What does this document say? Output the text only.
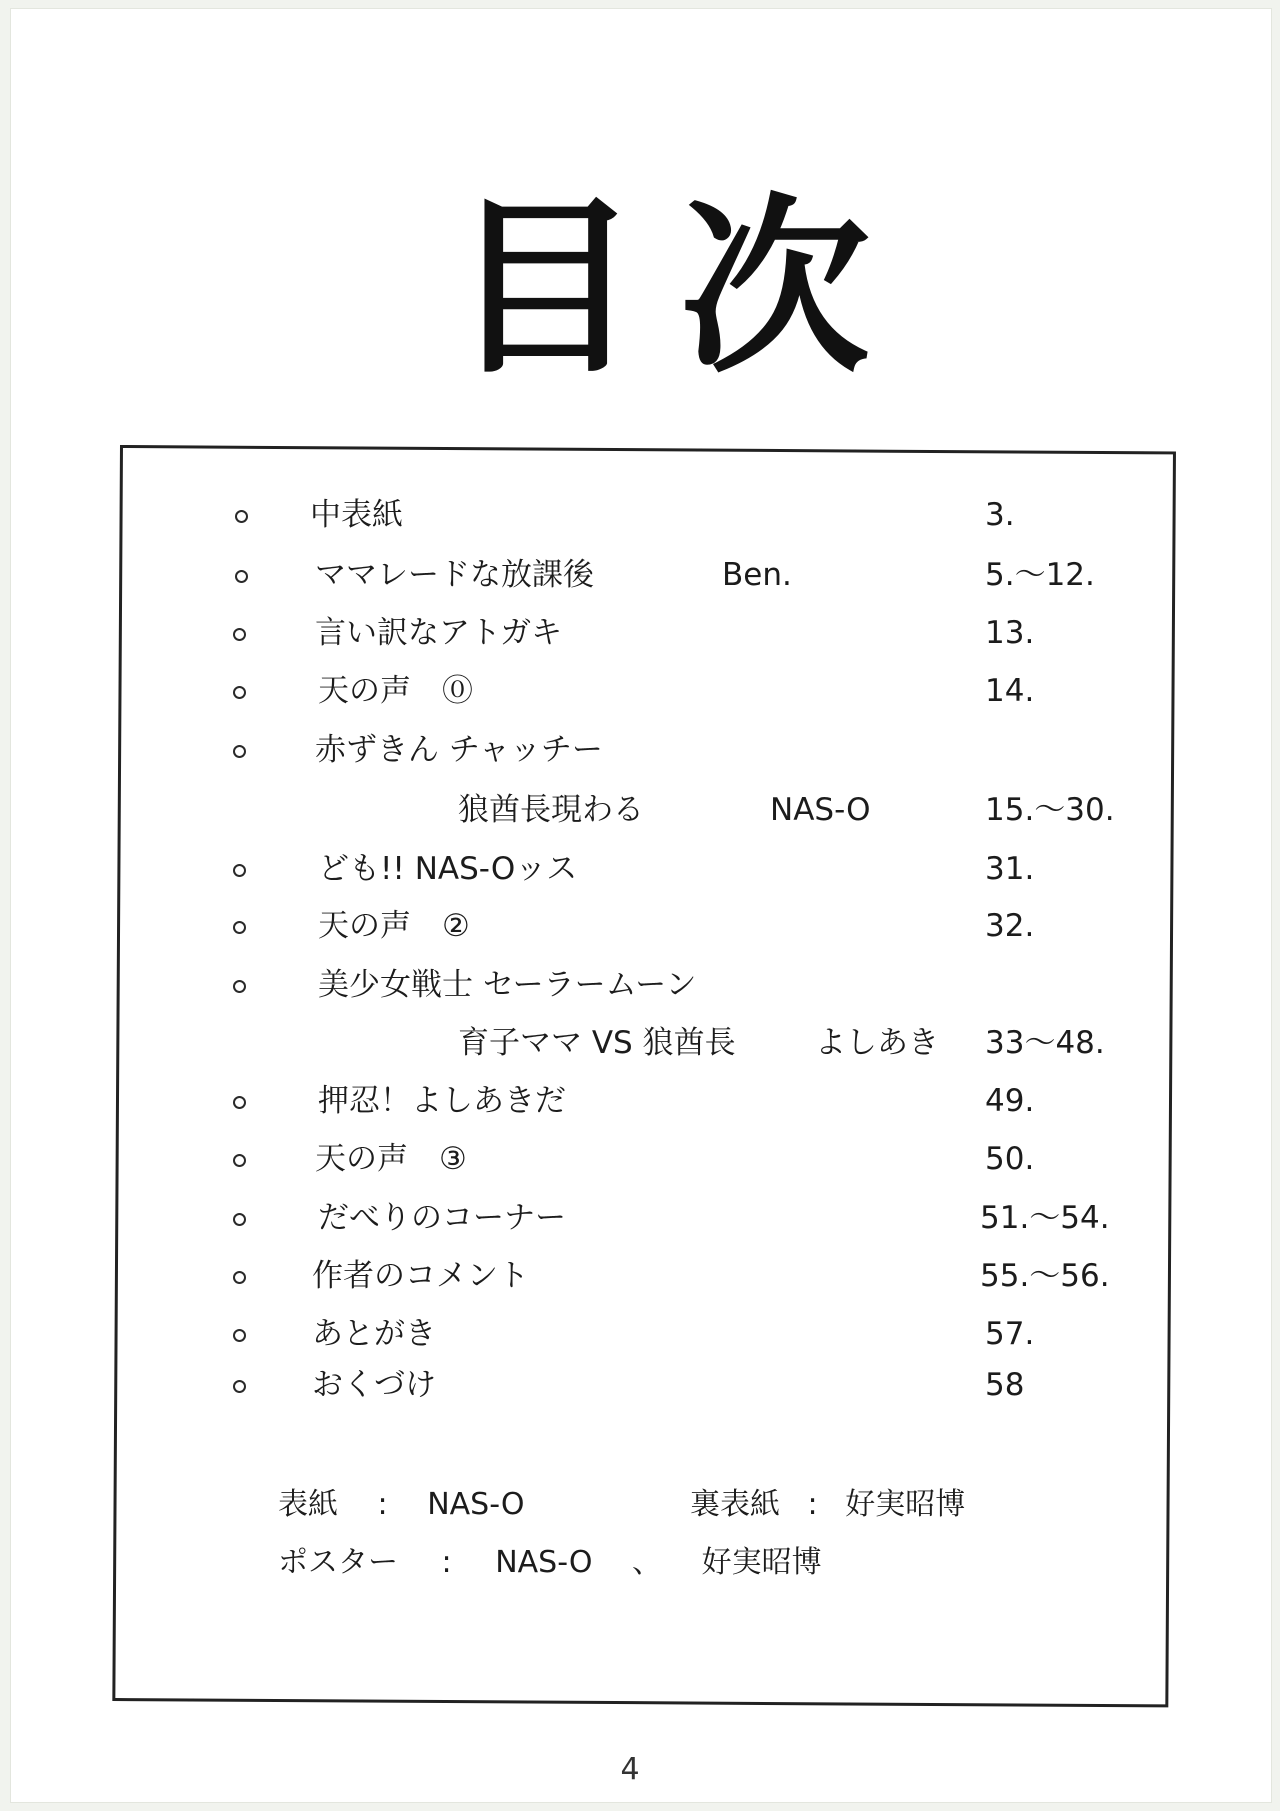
目次
中表紙	3.
ママレードな放課後	Ben.	5.〜12.
言い訳なアトガキ	13.
天の声　⓪	14.
赤ずきん チャッチー
狼酋長現わる	NAS-O	15.〜30.
ども!! NAS-Oッス	31.
天の声　②	32.
美少女戦士 セーラームーン
育子ママ VS 狼酋長	よしあき 33〜48.
押忍！よしあきだ	49.
天の声　③	50.
だべりのコーナー	51.〜54.
作者のコメント	55.〜56.
あとがき	57.
おくづけ	58
表紙 : NAS-O	裏表紙 : 好実昭博
ポスター : NAS-O 、 好実昭博
4
